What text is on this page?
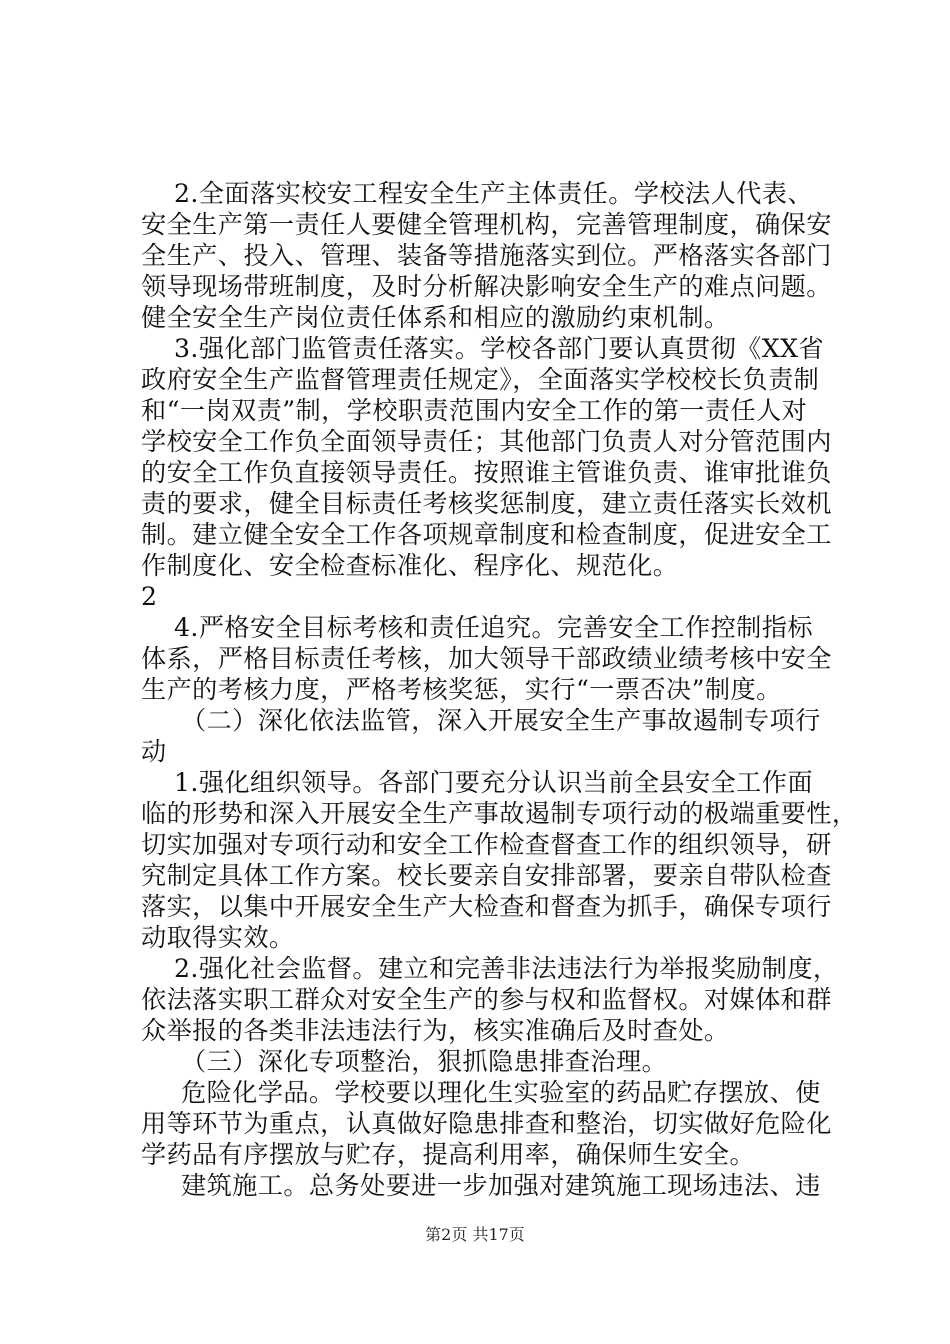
2.全面落实校安工程安全生产主体责任。学校法人代表、

安全生产第一责任人要健全管理机构，完善管理制度，确保安

全生产、投入、管理、装备等措施落实到位。严格落实各部门

领导现场带班制度，及时分析解决影响安全生产的难点问题。

健全安全生产岗位责任体系和相应的激励约束机制。

3.强化部门监管责任落实。学校各部门要认真贯彻《XX省

政府安全生产监督管理责任规定》，全面落实学校校长负责制

和“一岗双责”制，学校职责范围内安全工作的第一责任人对

学校安全工作负全面领导责任；其他部门负责人对分管范围内

的安全工作负直接领导责任。按照谁主管谁负责、谁审批谁负

责的要求，健全目标责任考核奖惩制度，建立责任落实长效机

制。建立健全安全工作各项规章制度和检查制度，促进安全工

作制度化、安全检查标准化、程序化、规范化。

2

4.严格安全目标考核和责任追究。完善安全工作控制指标

体系，严格目标责任考核，加大领导干部政绩业绩考核中安全

生产的考核力度，严格考核奖惩，实行“一票否决”制度。

（二）深化依法监管，深入开展安全生产事故遏制专项行

动

1.强化组织领导。各部门要充分认识当前全县安全工作面

临的形势和深入开展安全生产事故遏制专项行动的极端重要性，

切实加强对专项行动和安全工作检查督查工作的组织领导，研

究制定具体工作方案。校长要亲自安排部署，要亲自带队检查

落实，以集中开展安全生产大检查和督查为抓手，确保专项行

动取得实效。

2.强化社会监督。建立和完善非法违法行为举报奖励制度，

依法落实职工群众对安全生产的参与权和监督权。对媒体和群

众举报的各类非法违法行为，核实准确后及时查处。

（三）深化专项整治，狠抓隐患排查治理。

危险化学品。学校要以理化生实验室的药品贮存摆放、使

用等环节为重点，认真做好隐患排查和整治，切实做好危险化

学药品有序摆放与贮存，提高利用率，确保师生安全。

建筑施工。总务处要进一步加强对建筑施工现场违法、违

第2页 共17页
